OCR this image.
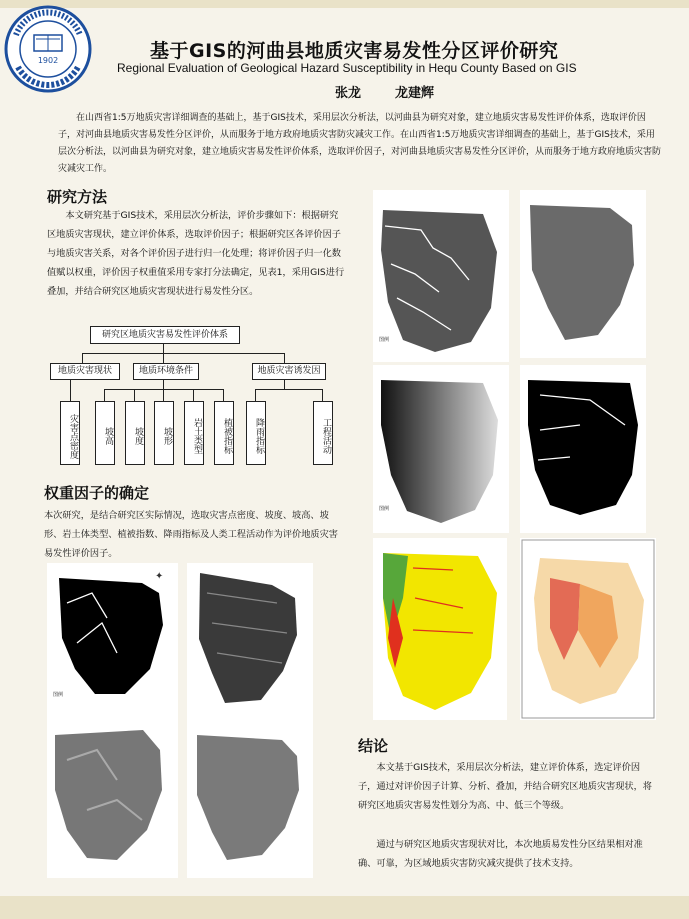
1902	基于GIS的河曲县地质灾害易发性分区评价研究
Regional Evaluation of Geological Hazard Susceptibility in Hequ County Based on GIS
张龙	龙建辉
在山西省1:5万地质灾害详细调查的基础上，基于GIS技术，采用层次分析法，以河曲县为研究对象，建立地质灾害易发性评价体系，选取评价因子，对河曲县地质灾害易发性分区评价，从而服务于地方政府地质灾害防灾减灾工作。在山西省1:5万地质灾害详细调查的基础上，基于GIS技术，采用层次分析法，以河曲县为研究对象，建立地质灾害易发性评价体系，选取评价因子，对河曲县地质灾害易发性分区评价，从而服务于地方政府地质灾害防灾减灾工作。
研究方法
本文研究基于GIS技术，采用层次分析法，评价步骤如下：根据研究区地质灾害现状，建立评价体系，选取评价因子；根据研究区各评价因子与地质灾害关系，对各个评价因子进行归一化处理；将评价因子归一化数值赋以权重，评价因子权重值采用专家打分法确定，见表1，采用GIS进行叠加，并结合研究区地质灾害现状进行易发性分区。
研究区地质灾害易发性评价体系
地质灾害现状	地质环境条件	地质灾害诱发因
灾害点密度	坡高	坡度	坡形	岩土类型	植被指标	降雨指标	工程活动
权重因子的确定
本次研究，是结合研究区实际情况，选取灾害点密度、坡度、坡高、坡形、岩土体类型、植被指数、降雨指标及人类工程活动作为评价地质灾害易发性评价因子。
✦
图例
图例
图例
结论
本文基于GIS技术，采用层次分析法，建立评价体系，选定评价因子，通过对评价因子计算、分析、叠加，并结合研究区地质灾害现状，将研究区地质灾害易发性划分为高、中、低三个等级。
通过与研究区地质灾害现状对比，本次地质易发性分区结果相对准确、可靠，为区域地质灾害防灾减灾提供了技术支持。
